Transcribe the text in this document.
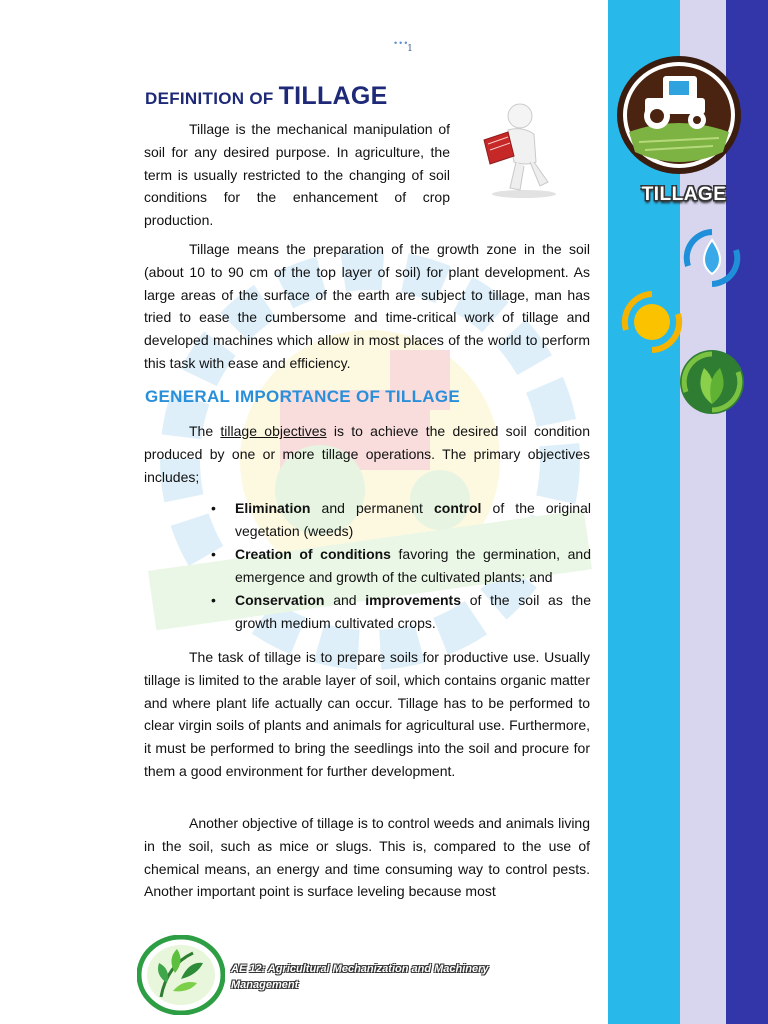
•••
1
DEFINITION OF TILLAGE

Tillage is the mechanical manipulation of soil for any desired purpose. In agriculture, the term is usually restricted to the changing of soil conditions for the enhancement of crop production.

Tillage means the preparation of the growth zone in the soil (about 10 to 90 cm of the top layer of soil) for plant development. As large areas of the surface of the earth are subject to tillage, man has tried to ease the cumbersome and time-critical work of tillage and developed machines which allow in most places of the world to perform this task with ease and efficiency.

GENERAL IMPORTANCE OF TILLAGE

The tillage objectives is to achieve the desired soil condition produced by one or more tillage operations. The primary objectives includes;

• Elimination and permanent control of the original vegetation (weeds)
• Creation of conditions favoring the germination, and emergence and growth of the cultivated plants; and
• Conservation and improvements of the soil as the growth medium cultivated crops.

The task of tillage is to prepare soils for productive use. Usually tillage is limited to the arable layer of soil, which contains organic matter and where plant life actually can occur. Tillage has to be performed to clear virgin soils of plants and animals for agricultural use. Furthermore, it must be performed to bring the seedlings into the soil and procure for them a good environment for further development.

Another objective of tillage is to control weeds and animals living in the soil, such as mice or slugs. This is, compared to the use of chemical means, an energy and time consuming way to control pests. Another important point is surface leveling because most

TILLAGE
AE 12: Agricultural Mechanization and Machinery
Management
